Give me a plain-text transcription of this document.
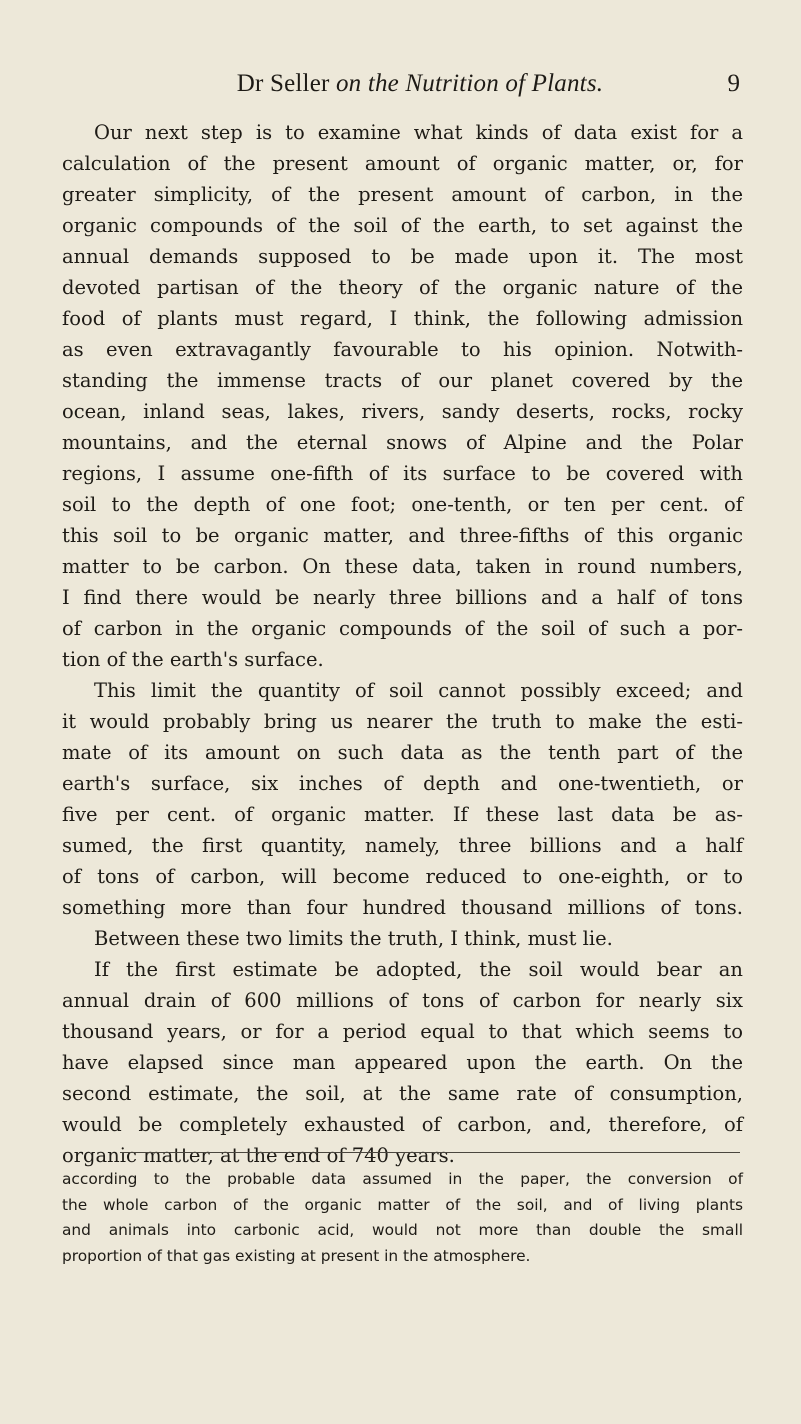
Dr Seller on the Nutrition of Plants.	9
Our next step is to examine what kinds of data exist for a
calculation of the present amount of organic matter, or, for
greater simplicity, of the present amount of carbon, in the
organic compounds of the soil of the earth, to set against the
annual demands supposed to be made upon it. The most
devoted partisan of the theory of the organic nature of the
food of plants must regard, I think, the following admission
as even extravagantly favourable to his opinion. Notwith-
standing the immense tracts of our planet covered by the
ocean, inland seas, lakes, rivers, sandy deserts, rocks, rocky
mountains, and the eternal snows of Alpine and the Polar
regions, I assume one-fifth of its surface to be covered with
soil to the depth of one foot; one-tenth, or ten per cent. of
this soil to be organic matter, and three-fifths of this organic
matter to be carbon. On these data, taken in round numbers,
I find there would be nearly three billions and a half of tons
of carbon in the organic compounds of the soil of such a por-
tion of the earth's surface.
This limit the quantity of soil cannot possibly exceed; and
it would probably bring us nearer the truth to make the esti-
mate of its amount on such data as the tenth part of the
earth's surface, six inches of depth and one-twentieth, or
five per cent. of organic matter. If these last data be as-
sumed, the first quantity, namely, three billions and a half
of tons of carbon, will become reduced to one-eighth, or to
something more than four hundred thousand millions of tons.
Between these two limits the truth, I think, must lie.
If the first estimate be adopted, the soil would bear an
annual drain of 600 millions of tons of carbon for nearly six
thousand years, or for a period equal to that which seems to
have elapsed since man appeared upon the earth. On the
second estimate, the soil, at the same rate of consumption,
would be completely exhausted of carbon, and, therefore, of
organic matter, at the end of 740 years.
according to the probable data assumed in the paper, the conversion of
the whole carbon of the organic matter of the soil, and of living plants
and animals into carbonic acid, would not more than double the small
proportion of that gas existing at present in the atmosphere.
